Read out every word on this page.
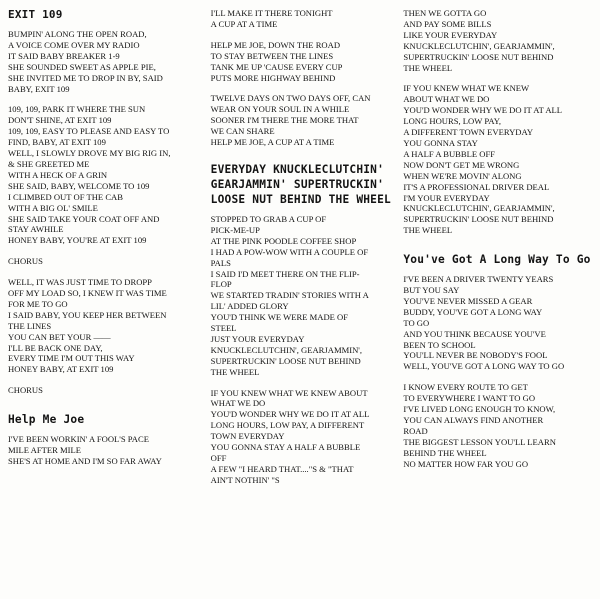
EXIT 109
BUMPIN' ALONG THE OPEN ROAD,
A VOICE COME OVER MY RADIO
IT SAID BABY BREAKER 1-9
SHE SOUNDED SWEET AS APPLE PIE,
SHE INVITED ME TO DROP IN BY, SAID
BABY, EXIT 109
109, 109, PARK IT WHERE THE SUN
DON'T SHINE, AT EXIT 109
109, 109, EASY TO PLEASE AND EASY TO
FIND, BABY, AT EXIT 109
WELL, I SLOWLY DROVE MY BIG RIG IN,
& SHE GREETED ME
WITH A HECK OF A GRIN
SHE SAID, BABY, WELCOME TO 109
I CLIMBED OUT OF THE CAB
WITH A BIG OL' SMILE
SHE SAID TAKE YOUR COAT OFF AND
STAY AWHILE
HONEY BABY, YOU'RE AT EXIT 109
CHORUS
WELL, IT WAS JUST TIME TO DROPP
OFF MY LOAD SO, I KNEW IT WAS TIME
FOR ME TO GO
I SAID BABY, YOU KEEP HER BETWEEN
THE LINES
YOU CAN BET YOUR ——
I'LL BE BACK ONE DAY,
EVERY TIME I'M OUT THIS WAY
HONEY BABY, AT EXIT 109
CHORUS
Help Me Joe
I'VE BEEN WORKIN' A FOOL'S PACE
MILE AFTER MILE
SHE'S AT HOME AND I'M SO FAR AWAY
I'LL MAKE IT THERE TONIGHT
A CUP AT A TIME
HELP ME JOE, DOWN THE ROAD
TO STAY BETWEEN THE LINES
TANK ME UP 'CAUSE EVERY CUP
PUTS MORE HIGHWAY BEHIND
TWELVE DAYS ON TWO DAYS OFF, CAN
WEAR ON YOUR SOUL IN A WHILE
SOONER I'M THERE THE MORE THAT
WE CAN SHARE
HELP ME JOE, A CUP AT A TIME
EVERYDAY KNUCKLECLUTCHIN' GEARJAMMIN' SUPERTRUCKIN' LOOSE NUT BEHIND THE WHEEL
STOPPED TO GRAB A CUP OF
PICK-ME-UP
AT THE PINK POODLE COFFEE SHOP
I HAD A POW-WOW WITH A COUPLE OF
PALS
I SAID I'D MEET THERE ON THE FLIP-
FLOP
WE STARTED TRADIN' STORIES WITH A
LIL' ADDED GLORY
YOU'D THINK WE WERE MADE OF
STEEL
JUST YOUR EVERYDAY
KNUCKLECLUTCHIN', GEARJAMMIN',
SUPERTRUCKIN' LOOSE NUT BEHIND
THE WHEEL
IF YOU KNEW WHAT WE KNEW ABOUT
WHAT WE DO
YOU'D WONDER WHY WE DO IT AT ALL
LONG HOURS, LOW PAY, A DIFFERENT
TOWN EVERYDAY
YOU GONNA STAY A HALF A BUBBLE
OFF
A FEW "I HEARD THAT...."S & "THAT
AIN'T NOTHIN' "S
THEN WE GOTTA GO
AND PAY SOME BILLS
LIKE YOUR EVERYDAY
KNUCKLECLUTCHIN', GEARJAMMIN',
SUPERTRUCKIN' LOOSE NUT BEHIND
THE WHEEL
IF YOU KNEW WHAT WE KNEW
ABOUT WHAT WE DO
YOU'D WONDER WHY WE DO IT AT ALL
LONG HOURS, LOW PAY,
A DIFFERENT TOWN EVERYDAY
YOU GONNA STAY
A HALF A BUBBLE OFF
NOW DON'T GET ME WRONG
WHEN WE'RE MOVIN' ALONG
IT'S A PROFESSIONAL DRIVER DEAL
I'M YOUR EVERYDAY
KNUCKLECLUTCHIN', GEARJAMMIN',
SUPERTRUCKIN' LOOSE NUT BEHIND
THE WHEEL
You've Got A Long Way To Go
I'VE BEEN A DRIVER TWENTY YEARS
BUT YOU SAY
YOU'VE NEVER MISSED A GEAR
BUDDY, YOU'VE GOT A LONG WAY
TO GO
AND YOU THINK BECAUSE YOU'VE
BEEN TO SCHOOL
YOU'LL NEVER BE NOBODY'S FOOL
WELL, YOU'VE GOT A LONG WAY TO GO
I KNOW EVERY ROUTE TO GET
TO EVERYWHERE I WANT TO GO
I'VE LIVED LONG ENOUGH TO KNOW,
YOU CAN ALWAYS FIND ANOTHER
ROAD
THE BIGGEST LESSON YOU'LL LEARN
BEHIND THE WHEEL
NO MATTER HOW FAR YOU GO
